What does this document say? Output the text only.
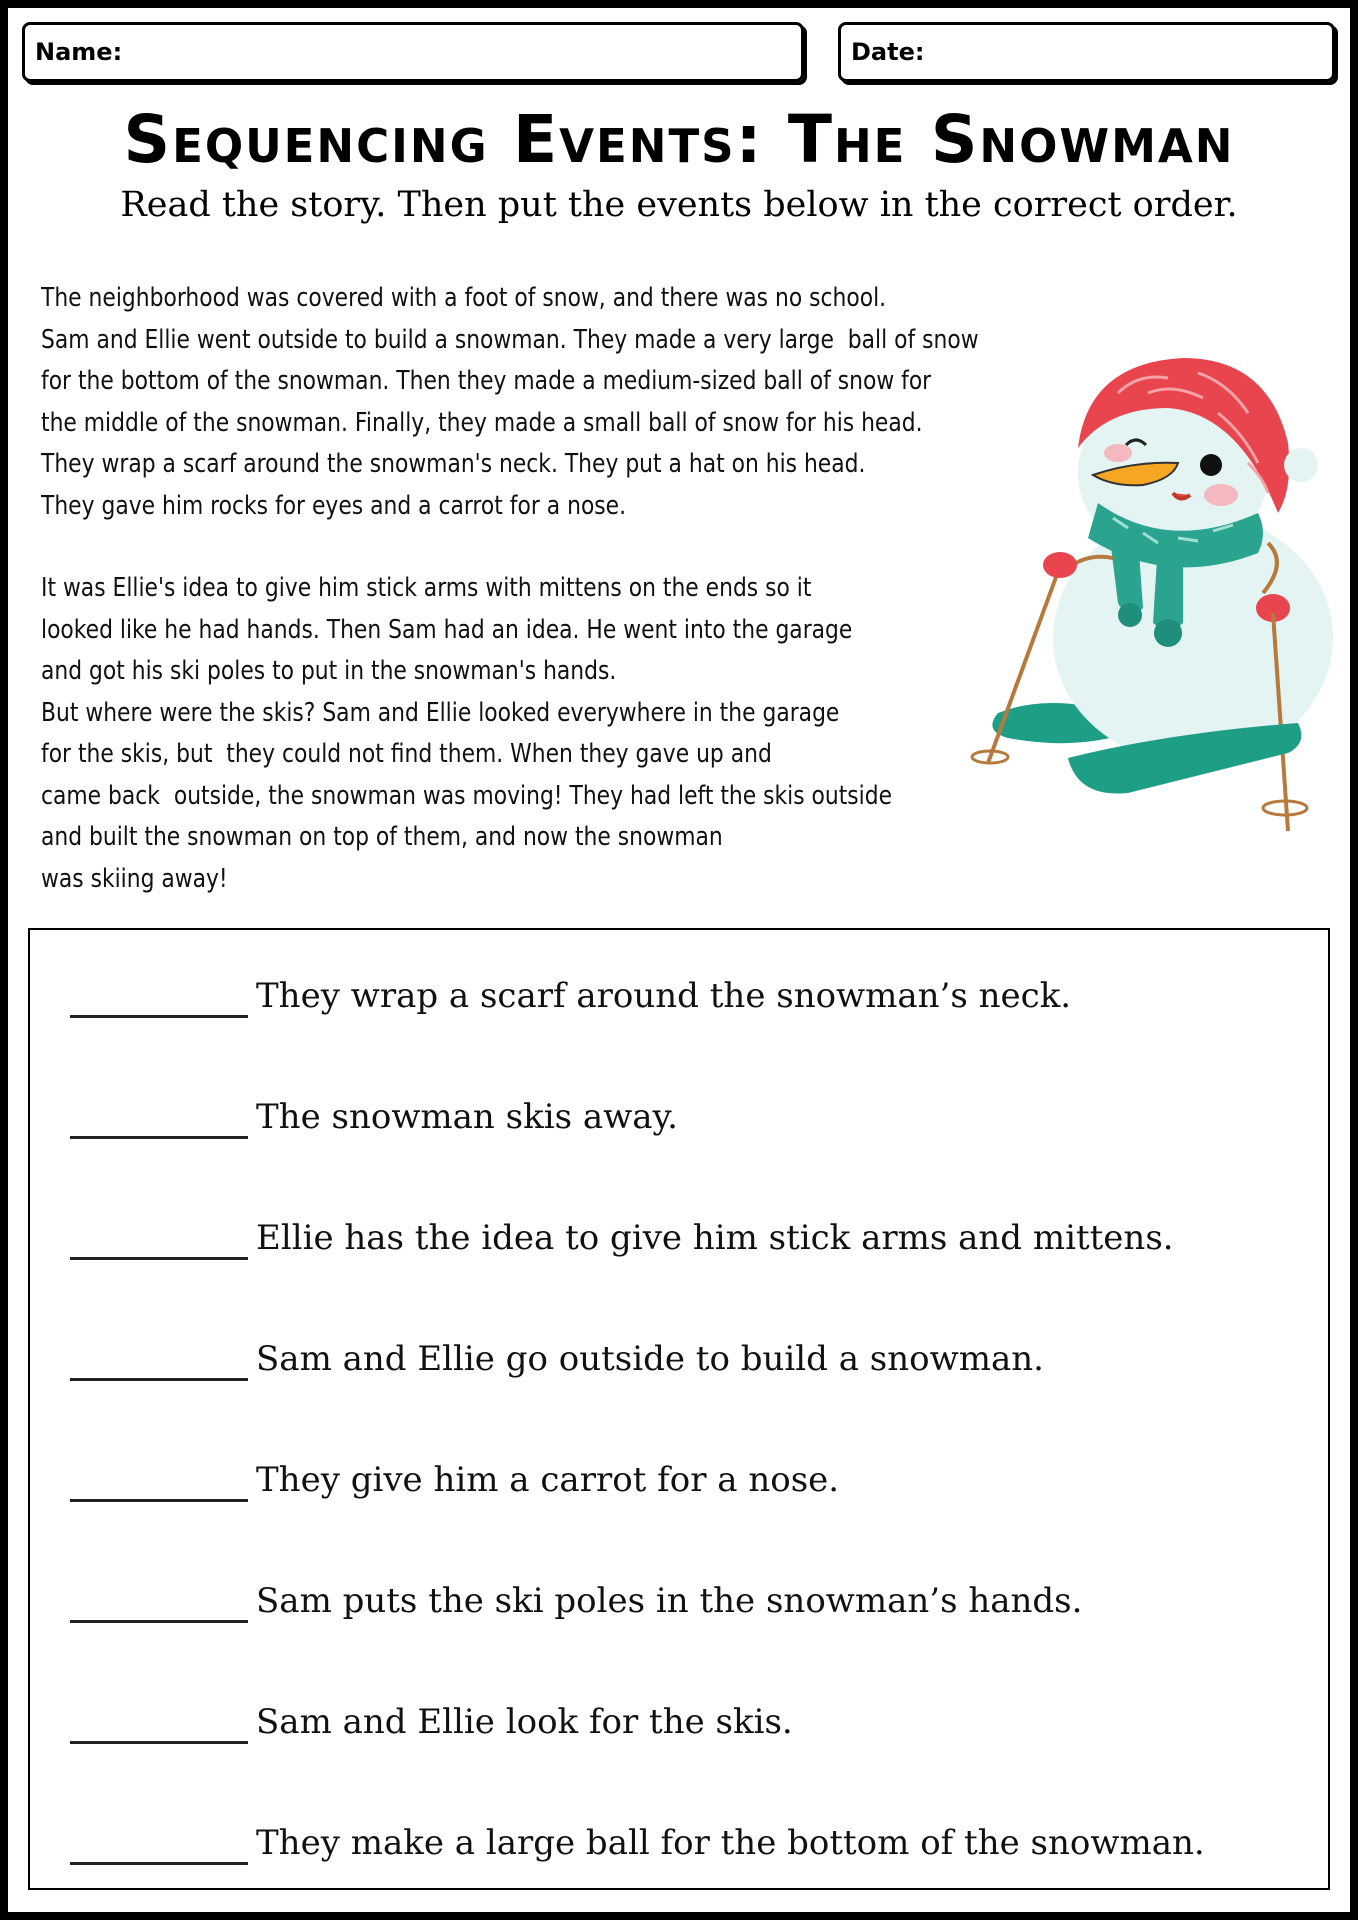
Name:	Date:
Sequencing Events: The Snowman
Read the story. Then put the events below in the correct order.
The neighborhood was covered with a foot of snow, and there was no school.
Sam and Ellie went outside to build a snowman. They made a very large  ball of snow
for the bottom of the snowman. Then they made a medium-sized ball of snow for
the middle of the snowman. Finally, they made a small ball of snow for his head.
They wrap a scarf around the snowman's neck. They put a hat on his head.
They gave him rocks for eyes and a carrot for a nose.
It was Ellie's idea to give him stick arms with mittens on the ends so it
looked like he had hands. Then Sam had an idea. He went into the garage
and got his ski poles to put in the snowman's hands.
But where were the skis? Sam and Ellie looked everywhere in the garage
for the skis, but  they could not find them. When they gave up and
came back  outside, the snowman was moving! They had left the skis outside
and built the snowman on top of them, and now the snowman
was skiing away!
They wrap a scarf around the snowman’s neck.
The snowman skis away.
Ellie has the idea to give him stick arms and mittens.
Sam and Ellie go outside to build a snowman.
They give him a carrot for a nose.
Sam puts the ski poles in the snowman’s hands.
Sam and Ellie look for the skis.
They make a large ball for the bottom of the snowman.
